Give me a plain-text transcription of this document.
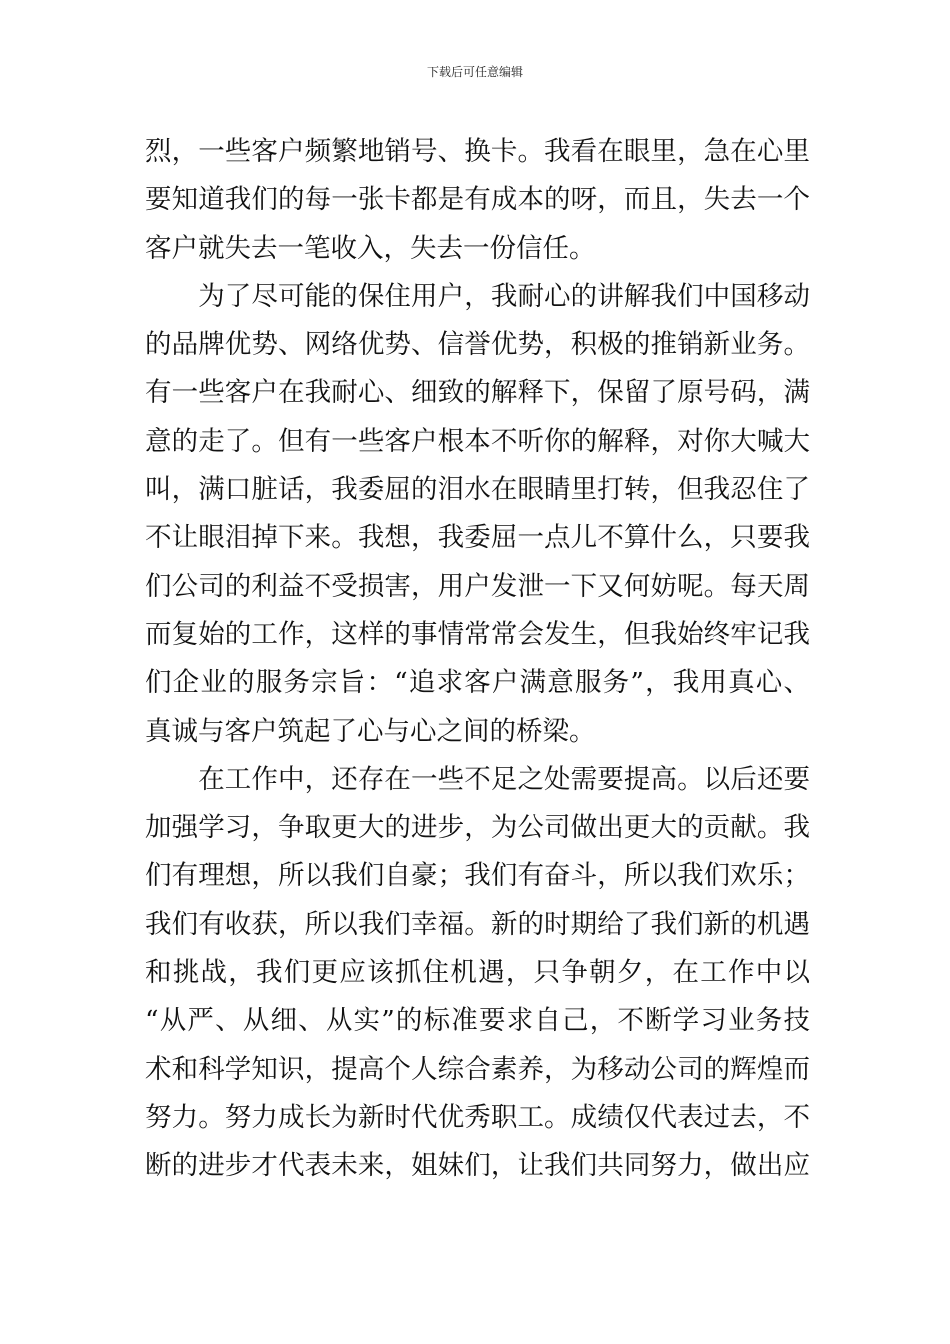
下载后可任意编辑
烈，一些客户频繁地销号、换卡。我看在眼里，急在心里
要知道我们的每一张卡都是有成本的呀，而且，失去一个
客户就失去一笔收入，失去一份信任。
　　为了尽可能的保住用户，我耐心的讲解我们中国移动
的品牌优势、网络优势、信誉优势，积极的推销新业务。
有一些客户在我耐心、细致的解释下，保留了原号码，满
意的走了。但有一些客户根本不听你的解释，对你大喊大
叫，满口脏话，我委屈的泪水在眼睛里打转，但我忍住了
不让眼泪掉下来。我想，我委屈一点儿不算什么，只要我
们公司的利益不受损害，用户发泄一下又何妨呢。每天周
而复始的工作，这样的事情常常会发生，但我始终牢记我
们企业的服务宗旨：“追求客户满意服务”，我用真心、
真诚与客户筑起了心与心之间的桥梁。
　　在工作中，还存在一些不足之处需要提高。以后还要
加强学习，争取更大的进步，为公司做出更大的贡献。我
们有理想，所以我们自豪；我们有奋斗，所以我们欢乐；
我们有收获，所以我们幸福。新的时期给了我们新的机遇
和挑战，我们更应该抓住机遇，只争朝夕，在工作中以
“从严、从细、从实”的标准要求自己，不断学习业务技
术和科学知识，提高个人综合素养，为移动公司的辉煌而
努力。努力成长为新时代优秀职工。成绩仅代表过去，不
断的进步才代表未来，姐妹们，让我们共同努力，做出应
